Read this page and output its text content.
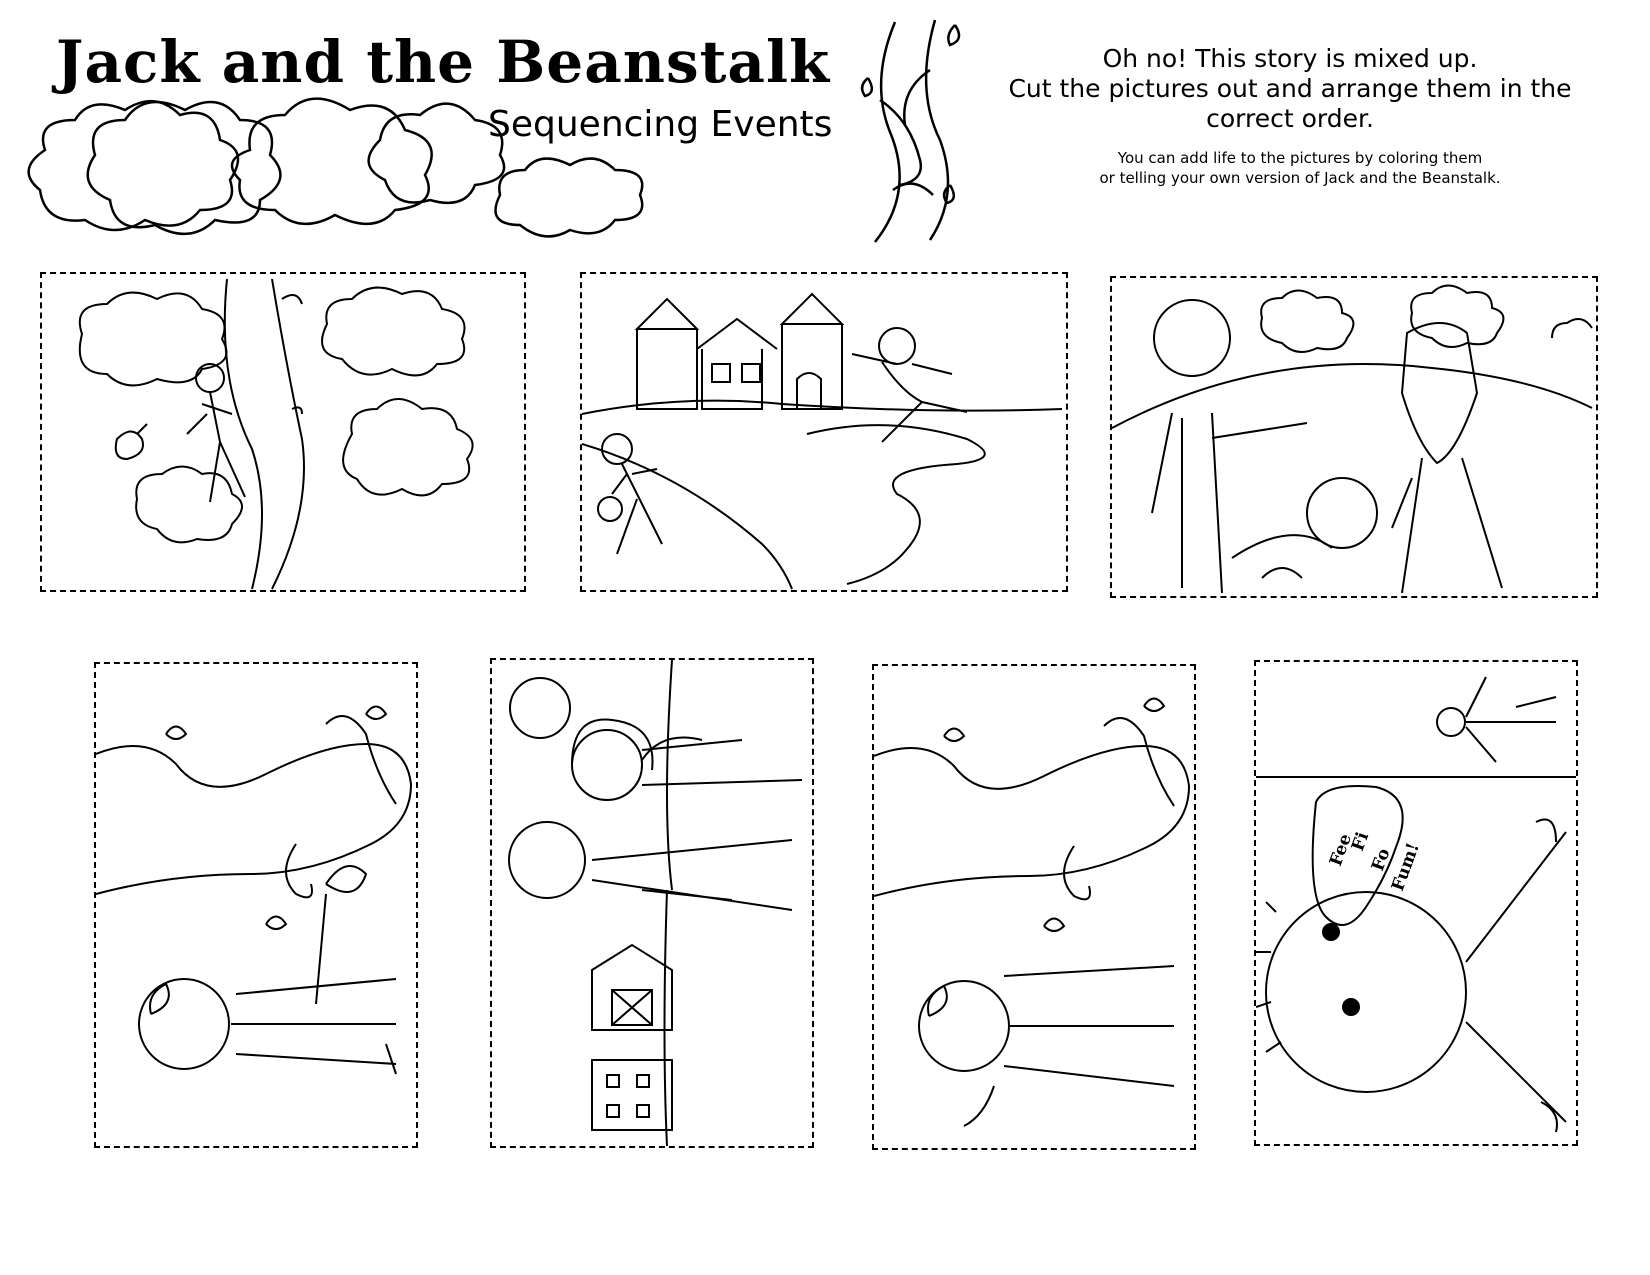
Jack and the Beanstalk
Sequencing Events
Oh no! This story is mixed up.
Cut the pictures out and arrange them in the
correct order.
You can add life to the pictures by coloring them
or telling your own version of Jack and the Beanstalk.
Fee
Fi
Fo
Fum!
